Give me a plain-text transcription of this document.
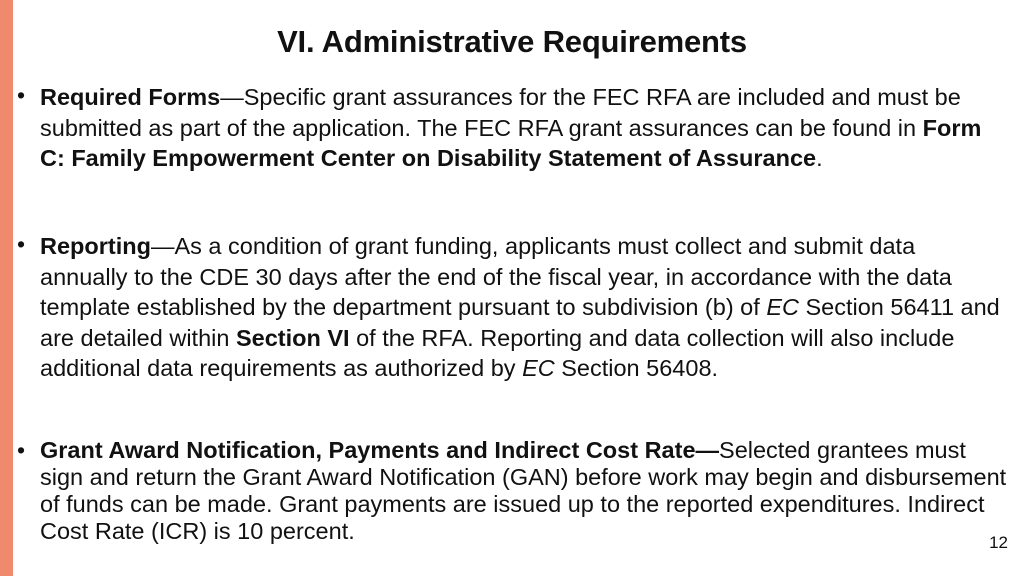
VI. Administrative Requirements
• Required Forms—Specific grant assurances for the FEC RFA are included and must be submitted as part of the application. The FEC RFA grant assurances can be found in Form C: Family Empowerment Center on Disability Statement of Assurance.

• Reporting—As a condition of grant funding, applicants must collect and submit data annually to the CDE 30 days after the end of the fiscal year, in accordance with the data template established by the department pursuant to subdivision (b) of EC Section 56411 and are detailed within Section VI of the RFA. Reporting and data collection will also include additional data requirements as authorized by EC Section 56408.

• Grant Award Notification, Payments and Indirect Cost Rate—Selected grantees must sign and return the Grant Award Notification (GAN) before work may begin and disbursement of funds can be made. Grant payments are issued up to the reported expenditures. Indirect Cost Rate (ICR) is 10 percent.	12
